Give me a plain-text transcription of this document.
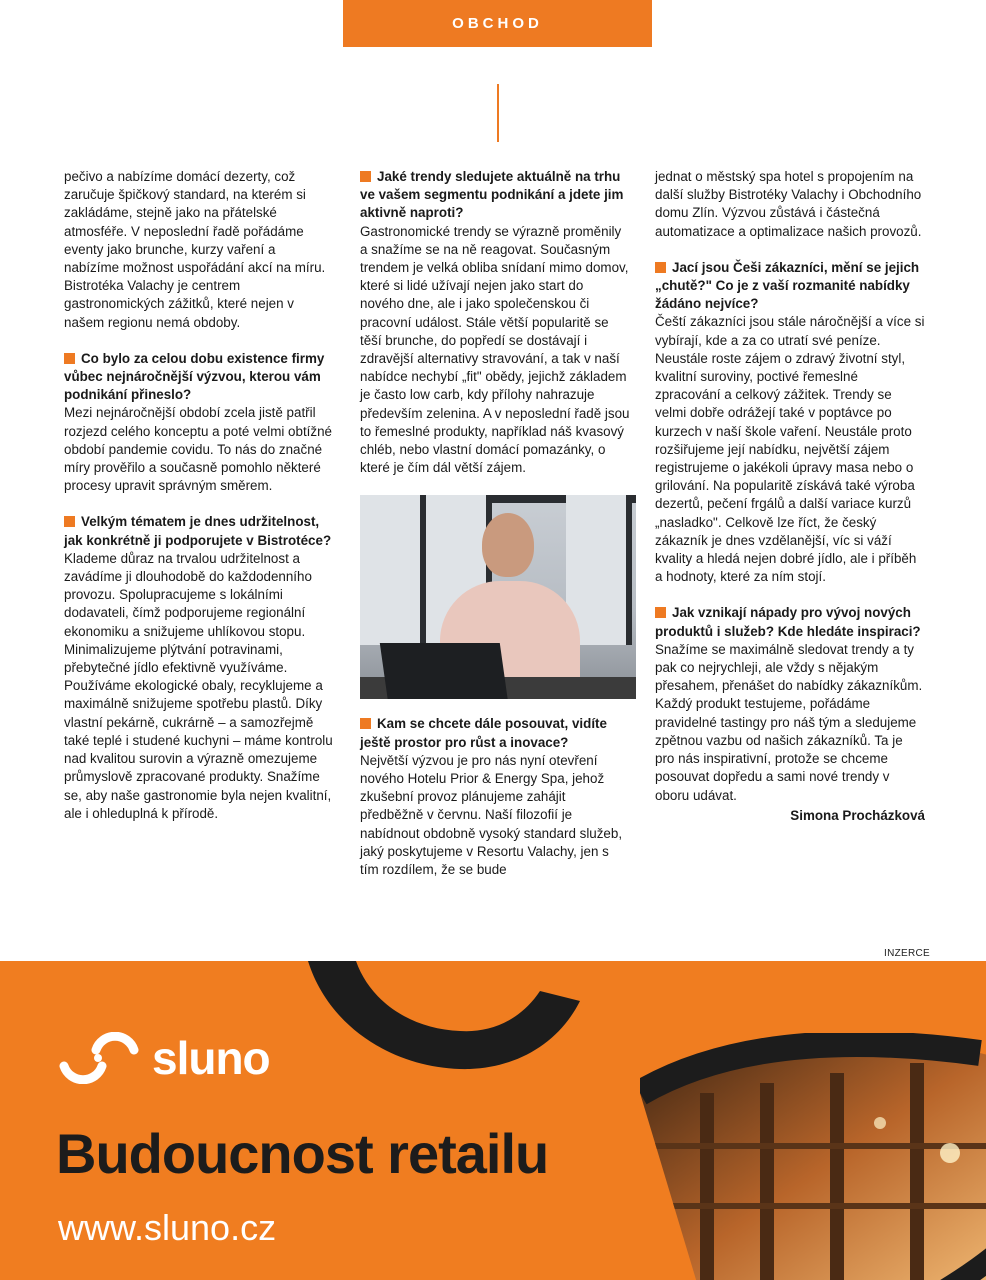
OBCHOD

pečivo a nabízíme domácí dezerty, což zaručuje špičkový standard, na kterém si zakládáme, stejně jako na přátelské atmosféře. V neposlední řadě pořádáme eventy jako brunche, kurzy vaření a nabízíme možnost uspořádání akcí na míru. Bistrotéka Valachy je centrem gastronomických zážitků, které nejen v našem regionu nemá obdoby.

Co bylo za celou dobu existence firmy vůbec nejnáročnější výzvou, kterou vám podnikání přineslo?
Mezi nejnáročnější období zcela jistě patřil rozjezd celého konceptu a poté velmi obtížné období pandemie covidu. To nás do značné míry prověřilo a současně pomohlo některé procesy upravit správným směrem.

Velkým tématem je dnes udržitelnost, jak konkrétně ji podporujete v Bistrotéce?
Klademe důraz na trvalou udržitelnost a zavádíme ji dlouhodobě do každodenního provozu. Spolupracujeme s lokálními dodavateli, čímž podporujeme regionální ekonomiku a snižujeme uhlíkovou stopu. Minimalizujeme plýtvání potravinami, přebytečné jídlo efektivně využíváme. Používáme ekologické obaly, recyklujeme a maximálně snižujeme spotřebu plastů. Díky vlastní pekárně, cukrárně – a samozřejmě také teplé i studené kuchyni – máme kontrolu nad kvalitou surovin a výrazně omezujeme průmyslově zpracované produkty. Snažíme se, aby naše gastronomie byla nejen kvalitní, ale i ohleduplná k přírodě.

Jaké trendy sledujete aktuálně na trhu ve vašem segmentu podnikání a jdete jim aktivně naproti?
Gastronomické trendy se výrazně proměnily a snažíme se na ně reagovat. Současným trendem je velká obliba snídaní mimo domov, které si lidé užívají nejen jako start do nového dne, ale i jako společenskou či pracovní událost. Stále větší popularitě se těší brunche, do popředí se dostávají i zdravější alternativy stravování, a tak v naší nabídce nechybí „fit" obědy, jejichž základem je často low carb, kdy přílohy nahrazuje především zelenina. A v neposlední řadě jsou to řemeslné produkty, například náš kvasový chléb, nebo vlastní domácí pomazánky, o které je čím dál větší zájem.

Kam se chcete dále posouvat, vidíte ještě prostor pro růst a inovace?
Největší výzvou je pro nás nyní otevření nového Hotelu Prior & Energy Spa, jehož zkušební provoz plánujeme zahájit předběžně v červnu. Naší filozofií je nabídnout obdobně vysoký standard služeb, jaký poskytujeme v Resortu Valachy, jen s tím rozdílem, že se bude

jednat o městský spa hotel s propojením na další služby Bistrotéky Valachy i Obchodního domu Zlín. Výzvou zůstává i částečná automatizace a optimalizace našich provozů.

Jací jsou Češi zákazníci, mění se jejich „chutě?" Co je z vaší rozmanité nabídky žádáno nejvíce?
Čeští zákazníci jsou stále náročnější a více si vybírají, kde a za co utratí své peníze. Neustále roste zájem o zdravý životní styl, kvalitní suroviny, poctivé řemeslné zpracování a celkový zážitek. Trendy se velmi dobře odrážejí také v poptávce po kurzech v naší škole vaření. Neustále proto rozšiřujeme její nabídku, největší zájem registrujeme o jakékoli úpravy masa nebo o grilování. Na popularitě získává také výroba dezertů, pečení frgálů a další variace kurzů „nasladko". Celkově lze říct, že český zákazník je dnes vzdělanější, víc si váží kvality a hledá nejen dobré jídlo, ale i příběh a hodnoty, které za ním stojí.

Jak vznikají nápady pro vývoj nových produktů i služeb? Kde hledáte inspiraci?
Snažíme se maximálně sledovat trendy a ty pak co nejrychleji, ale vždy s nějakým přesahem, přenášet do nabídky zákazníkům. Každý produkt testujeme, pořádáme pravidelné tastingy pro náš tým a sledujeme zpětnou vazbu od našich zákazníků. Ta je pro nás inspirativní, protože se chceme posouvat dopředu a sami nové trendy v oboru udávat.

Simona Procházková
INZERCE
sluno
Budoucnost retailu
www.sluno.cz
